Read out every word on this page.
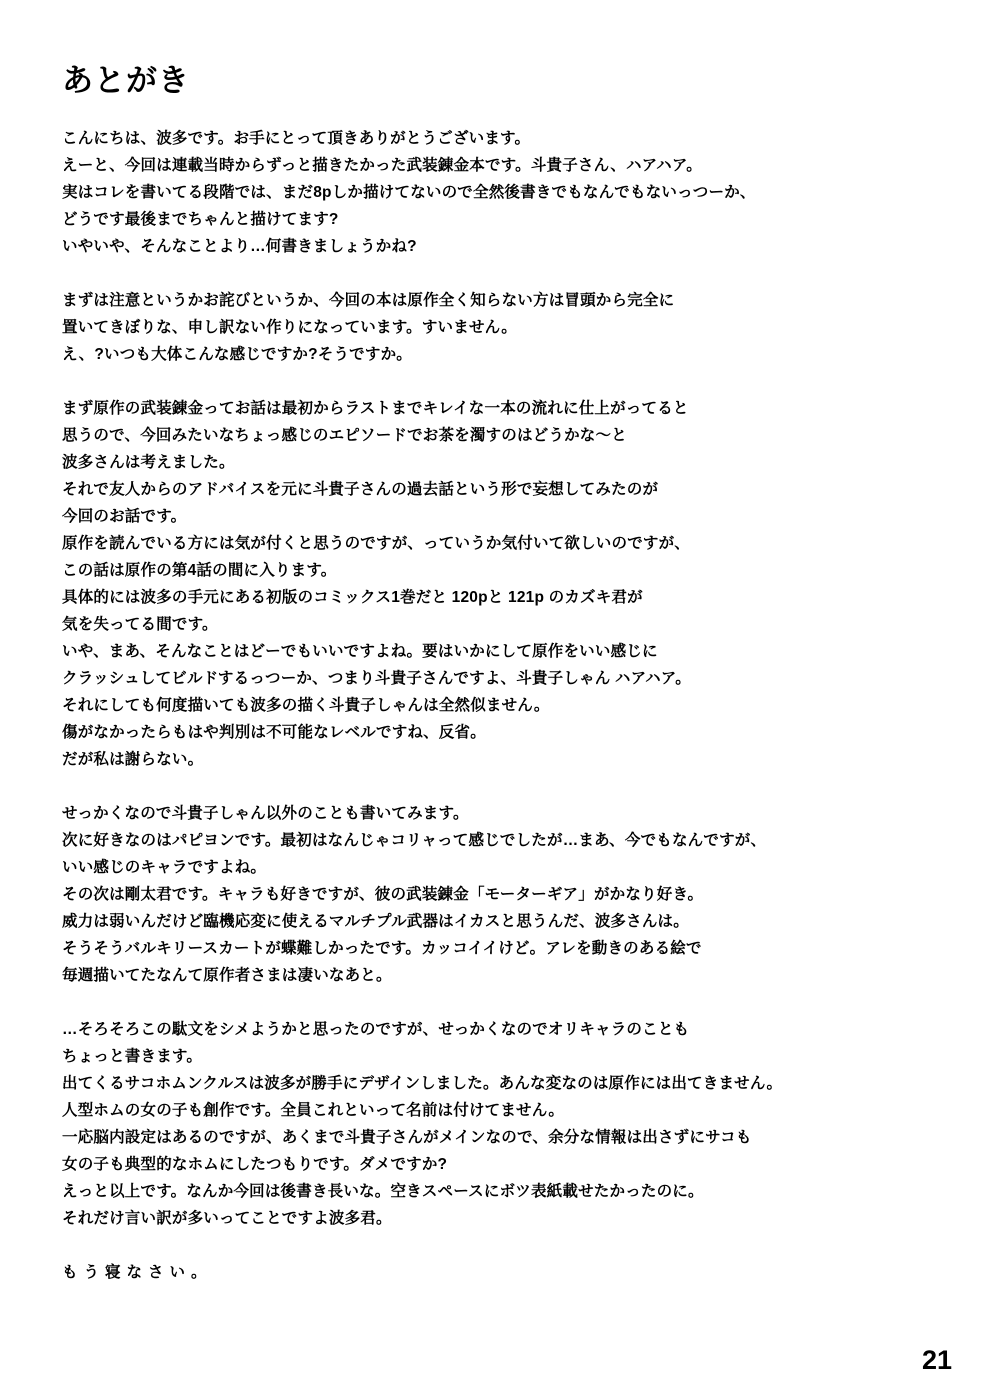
あとがき
こんにちは、波多です。お手にとって頂きありがとうございます。
えーと、今回は連載当時からずっと描きたかった武装錬金本です。斗貴子さん、ハアハア。
実はコレを書いてる段階では、まだ8pしか描けてないので全然後書きでもなんでもないっつーか、
どうです最後までちゃんと描けてます?
いやいや、そんなことより…何書きましょうかね?
まずは注意というかお詫びというか、今回の本は原作全く知らない方は冒頭から完全に
置いてきぼりな、申し訳ない作りになっています。すいません。
え、?いつも大体こんな感じですか?そうですか。
まず原作の武装錬金ってお話は最初からラストまでキレイな一本の流れに仕上がってると
思うので、今回みたいなちょっ感じのエピソードでお茶を濁すのはどうかな〜と
波多さんは考えました。
それで友人からのアドバイスを元に斗貴子さんの過去話という形で妄想してみたのが
今回のお話です。
原作を読んでいる方には気が付くと思うのですが、っていうか気付いて欲しいのですが、
この話は原作の第4話の間に入ります。
具体的には波多の手元にある初版のコミックス1巻だと 120pと 121p のカズキ君が
気を失ってる間です。
いや、まあ、そんなことはどーでもいいですよね。要はいかにして原作をいい感じに
クラッシュしてビルドするっつーか、つまり斗貴子さんですよ、斗貴子しゃん ハアハア。
それにしても何度描いても波多の描く斗貴子しゃんは全然似ません。
傷がなかったらもはや判別は不可能なレベルですね、反省。
だが私は謝らない。
せっかくなので斗貴子しゃん以外のことも書いてみます。
次に好きなのはパピヨンです。最初はなんじゃコリャって感じでしたが…まあ、今でもなんですが、
いい感じのキャラですよね。
その次は剛太君です。キャラも好きですが、彼の武装錬金「モーターギア」がかなり好き。
威力は弱いんだけど臨機応変に使えるマルチプル武器はイカスと思うんだ、波多さんは。
そうそうバルキリースカートが蝶難しかったです。カッコイイけど。アレを動きのある絵で
毎週描いてたなんて原作者さまは凄いなあと。
…そろそろこの駄文をシメようかと思ったのですが、せっかくなのでオリキャラのことも
ちょっと書きます。
出てくるサコホムンクルスは波多が勝手にデザインしました。あんな変なのは原作には出てきません。
人型ホムの女の子も創作です。全員これといって名前は付けてません。
一応脳内設定はあるのですが、あくまで斗貴子さんがメインなので、余分な情報は出さずにサコも
女の子も典型的なホムにしたつもりです。ダメですか?
えっと以上です。なんか今回は後書き長いな。空きスペースにボツ表紙載せたかったのに。
それだけ言い訳が多いってことですよ波多君。
もう寝なさい。
21
